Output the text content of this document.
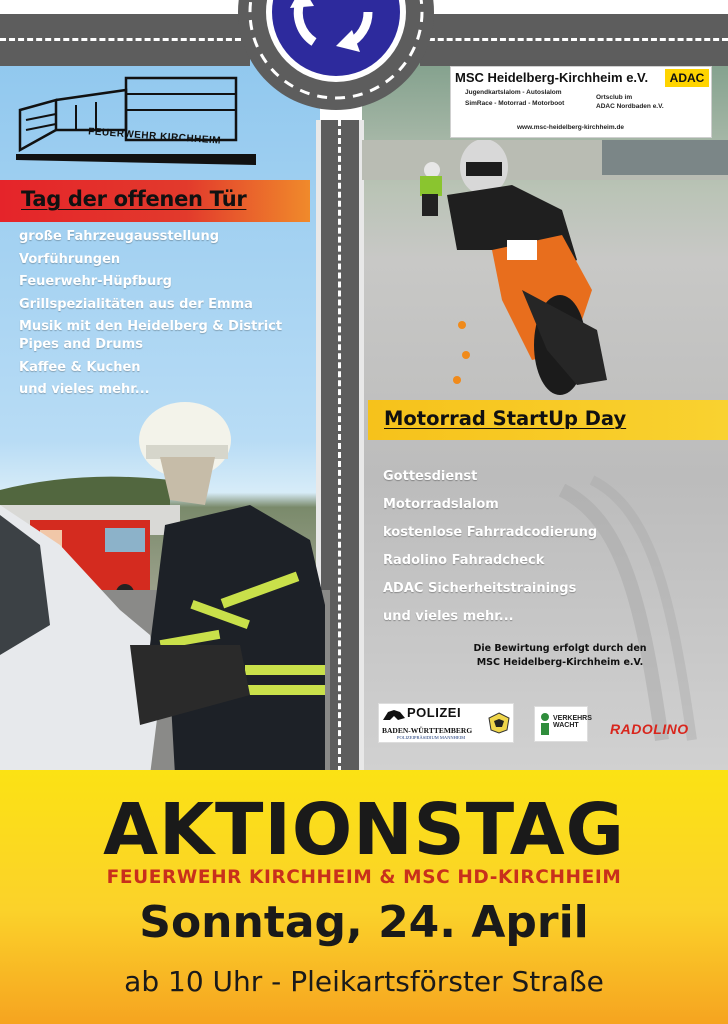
FEUERWEHR KIRCHHEIM
Tag der offenen Tür
große Fahrzeugausstellung
Vorführungen
Feuerwehr-Hüpfburg
Grillspezialitäten aus der Emma
Musik mit den Heidelberg & District Pipes and Drums
Kaffee & Kuchen
und vieles mehr...
MSC Heidelberg-Kirchheim e.V.	ADAC
Jugendkartslalom - Autoslalom
SimRace - Motorrad - Motorboot
Ortsclub im
ADAC Nordbaden e.V.
www.msc-heidelberg-kirchheim.de
Motorrad StartUp Day
Gottesdienst
Motorradslalom
kostenlose Fahrradcodierung
Radolino Fahradcheck
ADAC Sicherheitstrainings
und vieles mehr...
Die Bewirtung erfolgt durch den
MSC Heidelberg-Kirchheim e.V.
POLIZEI
BADEN-WÜRTTEMBERG
POLIZEIPRÄSIDIUM MANNHEIM
VERKEHRS WACHT	RADOLINO
AKTIONSTAG
FEUERWEHR KIRCHHEIM & MSC HD-KIRCHHEIM
Sonntag, 24. April
ab 10 Uhr - Pleikartsförster Straße
